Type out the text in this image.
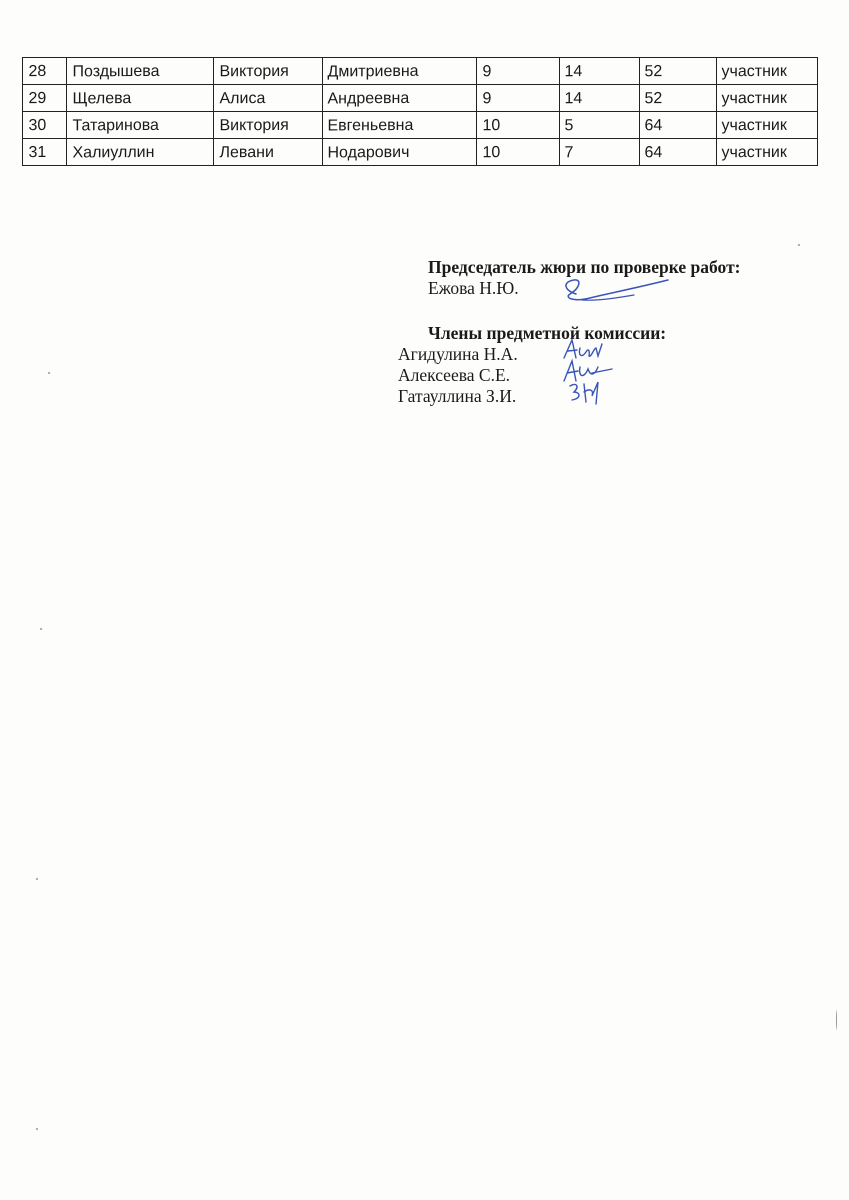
28	Поздышева	Виктория	Дмитриевна	9	14	52	участник
29	Щелева	Алиса	Андреевна	9	14	52	участник
30	Татаринова	Виктория	Евгеньевна	10	5	64	участник
31	Халиуллин	Левани	Нодарович	10	7	64	участник
Председатель жюри по проверке работ:
Ежова Н.Ю.
Члены предметной комиссии:
Агидулина Н.А.
Алексеева С.Е.
Гатауллина З.И.
